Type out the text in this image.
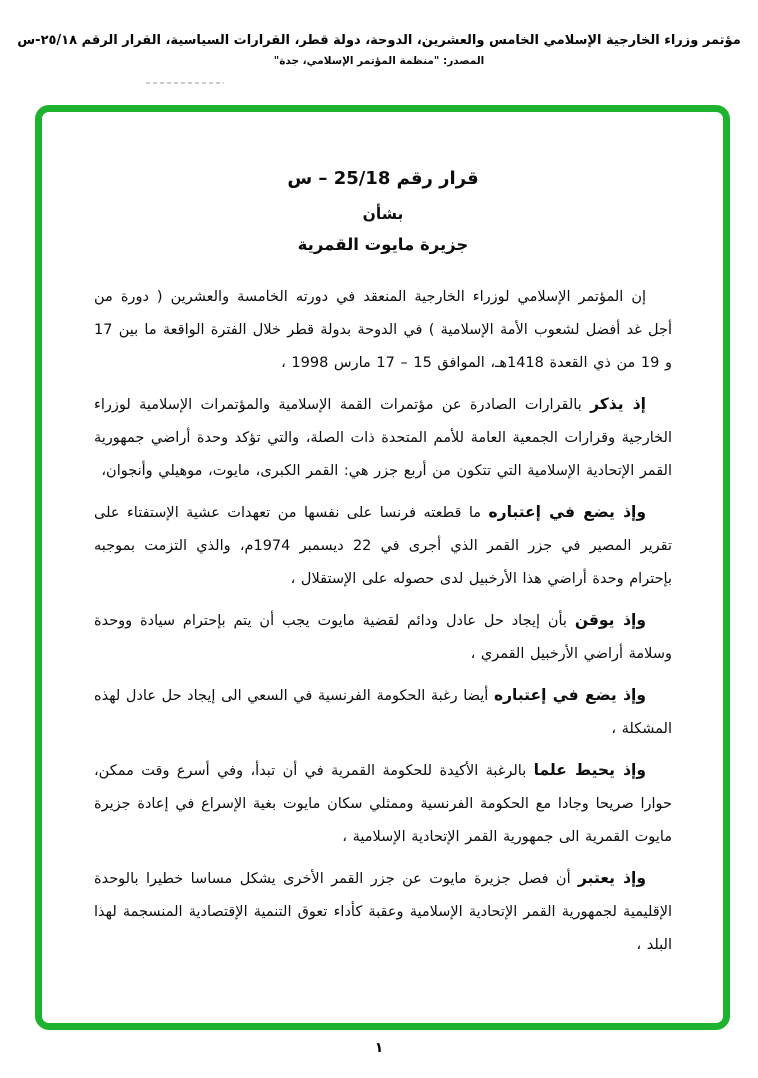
مؤتمر وزراء الخارجية الإسلامي الخامس والعشرين، الدوحة، دولة قطر، القرارات السياسية، القرار الرقم ٢٥/١٨-س
المصدر: "منظمة المؤتمر الإسلامي، جدة"
قرار رقم 25/18 – س
بشأن
جزيرة مايوت القمرية

إن المؤتمر الإسلامي لوزراء الخارجية المنعقد في دورته الخامسة والعشرين ( دورة من أجل غد أفضل لشعوب الأمة الإسلامية ) في الدوحة بدولة قطر خلال الفترة الواقعة ما بين 17 و 19 من ذي القعدة 1418هـ، الموافق 15 – 17 مارس 1998 ،

إذ يذكر بالقرارات الصادرة عن مؤتمرات القمة الإسلامية والمؤتمرات الإسلامية لوزراء الخارجية وقرارات الجمعية العامة للأمم المتحدة ذات الصلة، والتي تؤكد وحدة أراضي جمهورية القمر الإتحادية الإسلامية التي تتكون من أربع جزر هي: القمر الكبرى، مايوت، موهيلي وأنجوان،

وإذ يضع في إعتباره ما قطعته فرنسا على نفسها من تعهدات عشية الإستفتاء على تقرير المصير في جزر القمر الذي أجرى في 22 ديسمبر 1974م، والذي التزمت بموجبه بإحترام وحدة أراضي هذا الأرخبيل لدى حصوله على الإستقلال ،

وإذ يوقن بأن إيجاد حل عادل ودائم لقضية مايوت يجب أن يتم بإحترام سيادة ووحدة وسلامة أراضي الأرخبيل القمري ،

وإذ يضع في إعتباره أيضا رغبة الحكومة الفرنسية في السعي الى إيجاد حل عادل لهذه المشكلة ،

وإذ يحيط علما بالرغبة الأكيدة للحكومة القمرية في أن تبدأ، وفي أسرع وقت ممكن، حوارا صريحا وجادا مع الحكومة الفرنسية وممثلي سكان مايوت بغية الإسراع في إعادة جزيرة مايوت القمرية الى جمهورية القمر الإتحادية الإسلامية ،

وإذ يعتبر أن فصل جزيرة مايوت عن جزر القمر الأخرى يشكل مساسا خطيرا بالوحدة الإقليمية لجمهورية القمر الإتحادية الإسلامية وعقبة كأداء تعوق التنمية الإقتصادية المنسجمة لهذا البلد ،

١
